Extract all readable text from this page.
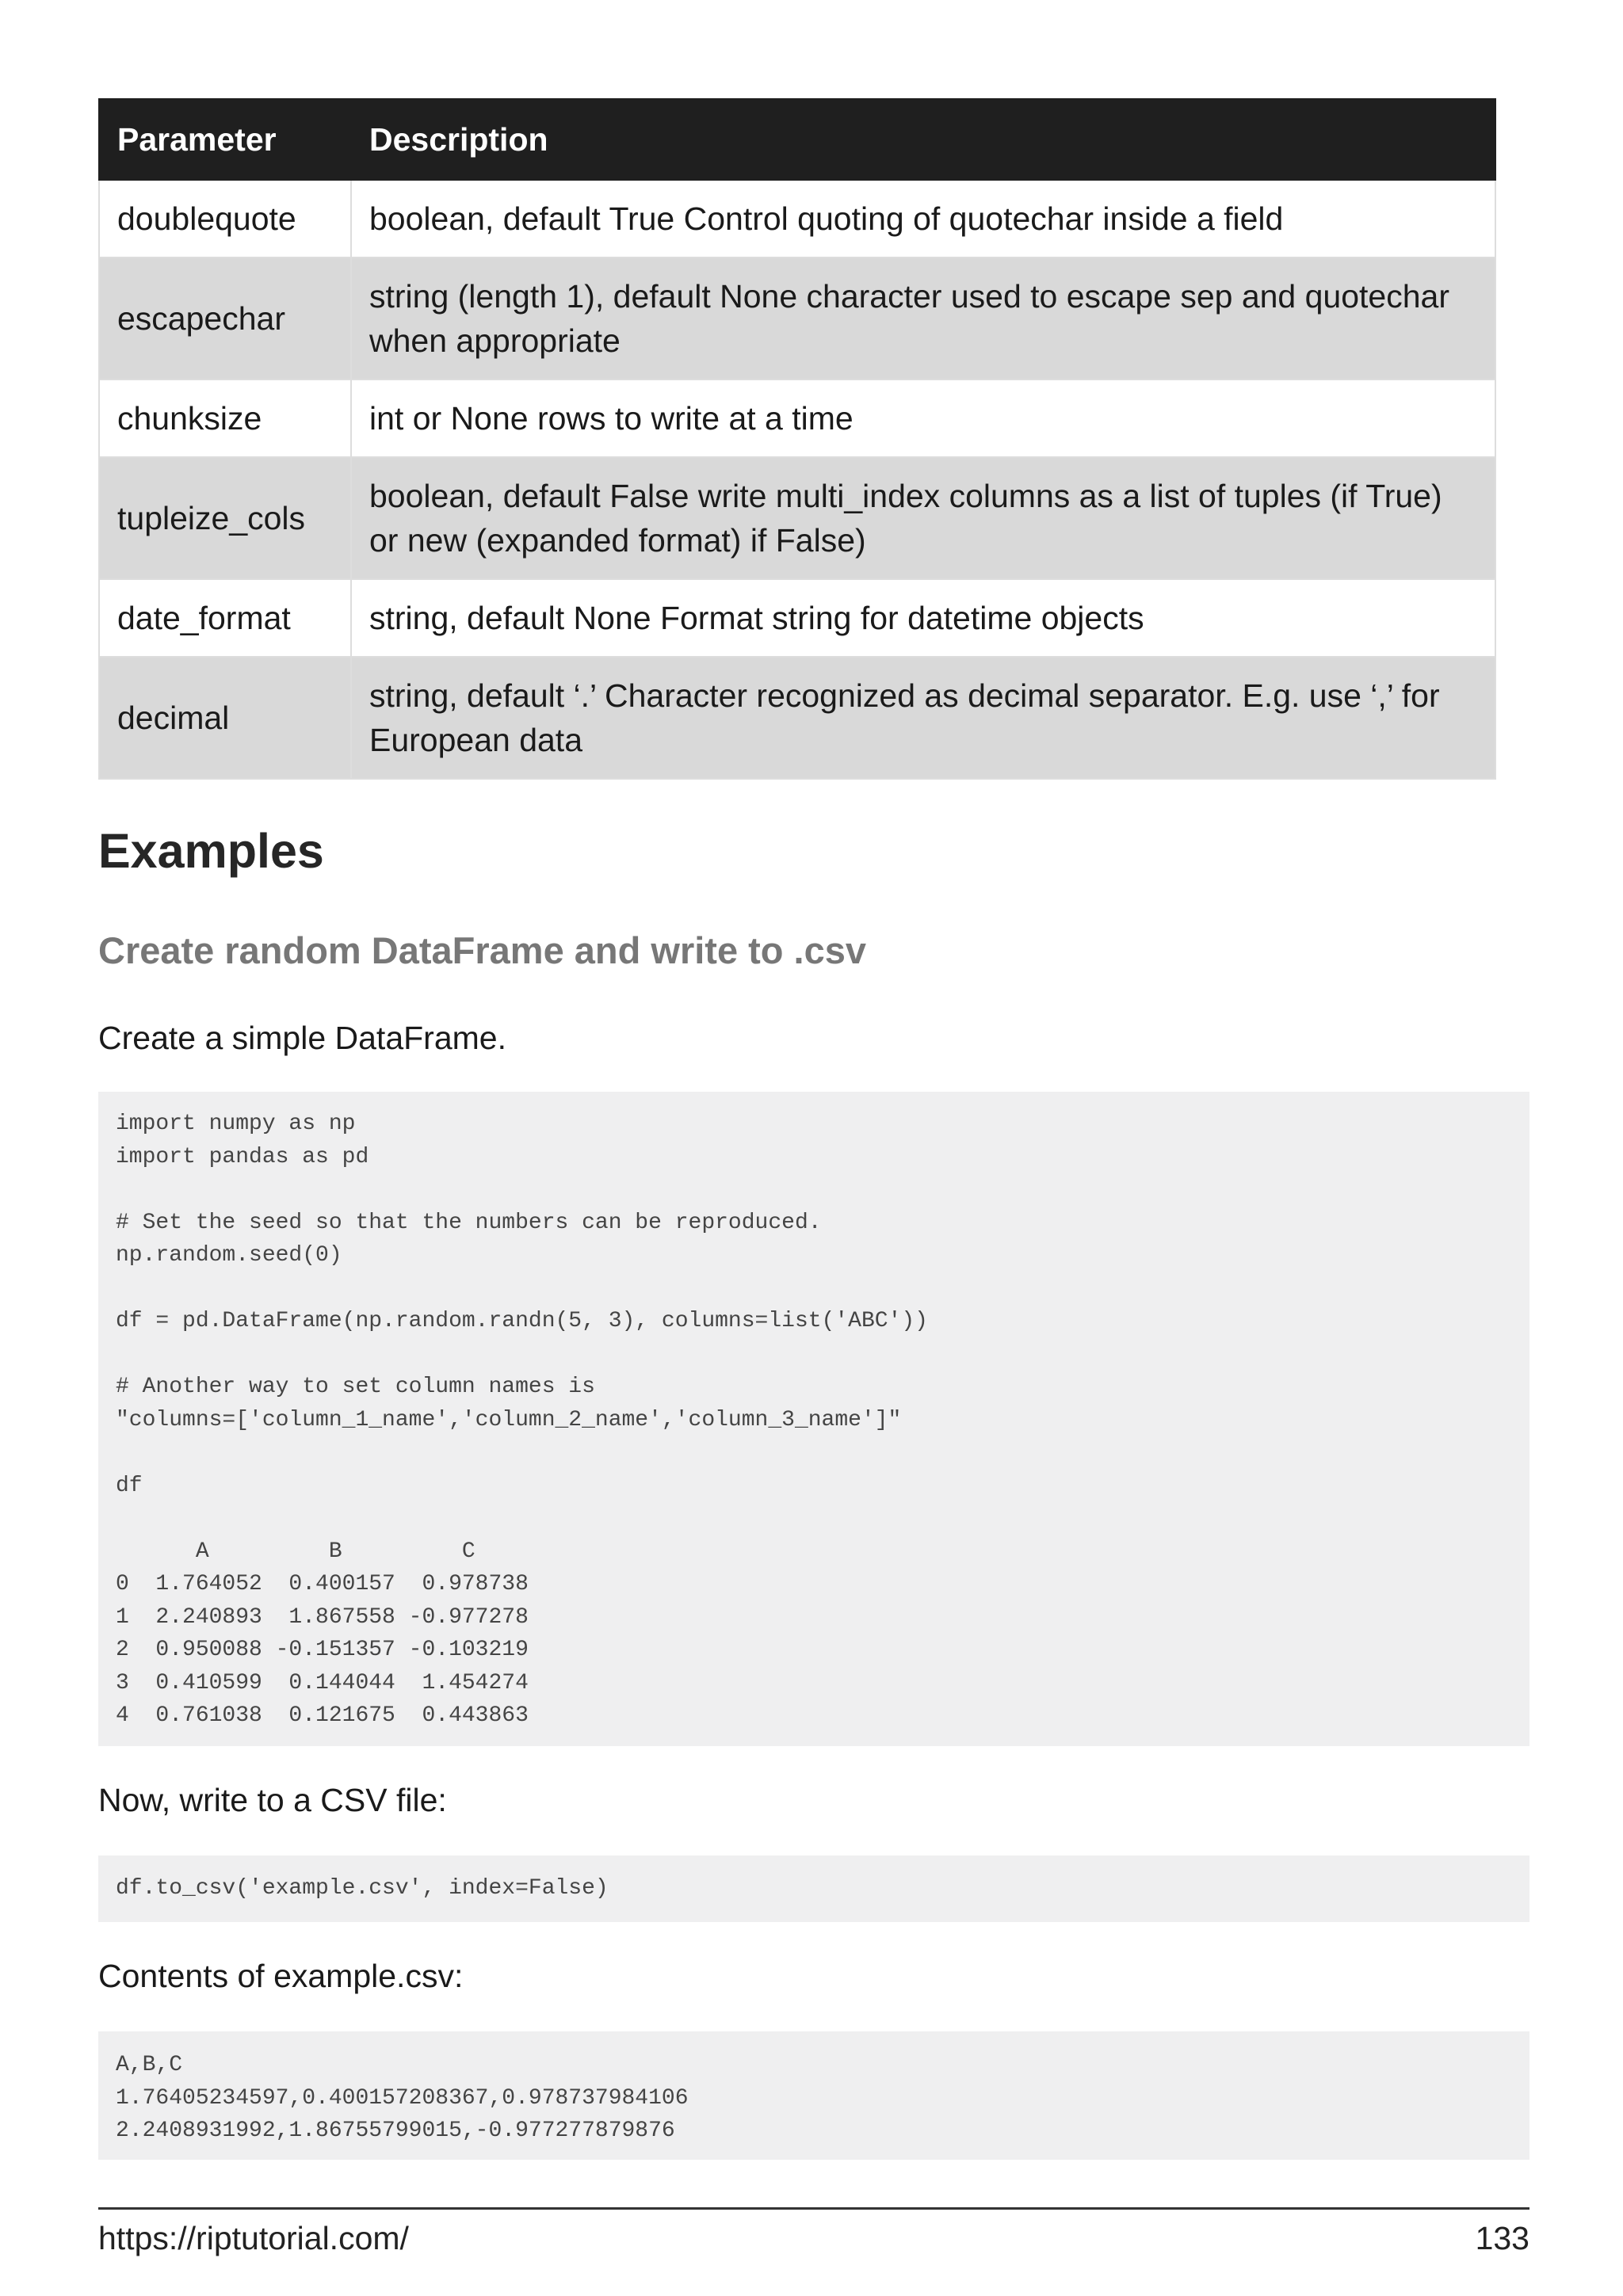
Parameter	Description
doublequote	boolean, default True Control quoting of quotechar inside a field
escapechar	string (length 1), default None character used to escape sep and quotechar when appropriate
chunksize	int or None rows to write at a time
tupleize_cols	boolean, default False write multi_index columns as a list of tuples (if True) or new (expanded format) if False)
date_format	string, default None Format string for datetime objects
decimal	string, default ‘.’ Character recognized as decimal separator. E.g. use ‘,’ for European data
Examples
Create random DataFrame and write to .csv
Create a simple DataFrame.
import numpy as np
import pandas as pd

# Set the seed so that the numbers can be reproduced.
np.random.seed(0)

df = pd.DataFrame(np.random.randn(5, 3), columns=list('ABC'))

# Another way to set column names is
"columns=['column_1_name','column_2_name','column_3_name']"

df

A         B         C
0  1.764052  0.400157  0.978738
1  2.240893  1.867558 -0.977278
2  0.950088 -0.151357 -0.103219
3  0.410599  0.144044  1.454274
4  0.761038  0.121675  0.443863
Now, write to a CSV file:
df.to_csv('example.csv', index=False)
Contents of example.csv:
A,B,C
1.76405234597,0.400157208367,0.978737984106
2.2408931992,1.86755799015,-0.977277879876
https://riptutorial.com/	133
